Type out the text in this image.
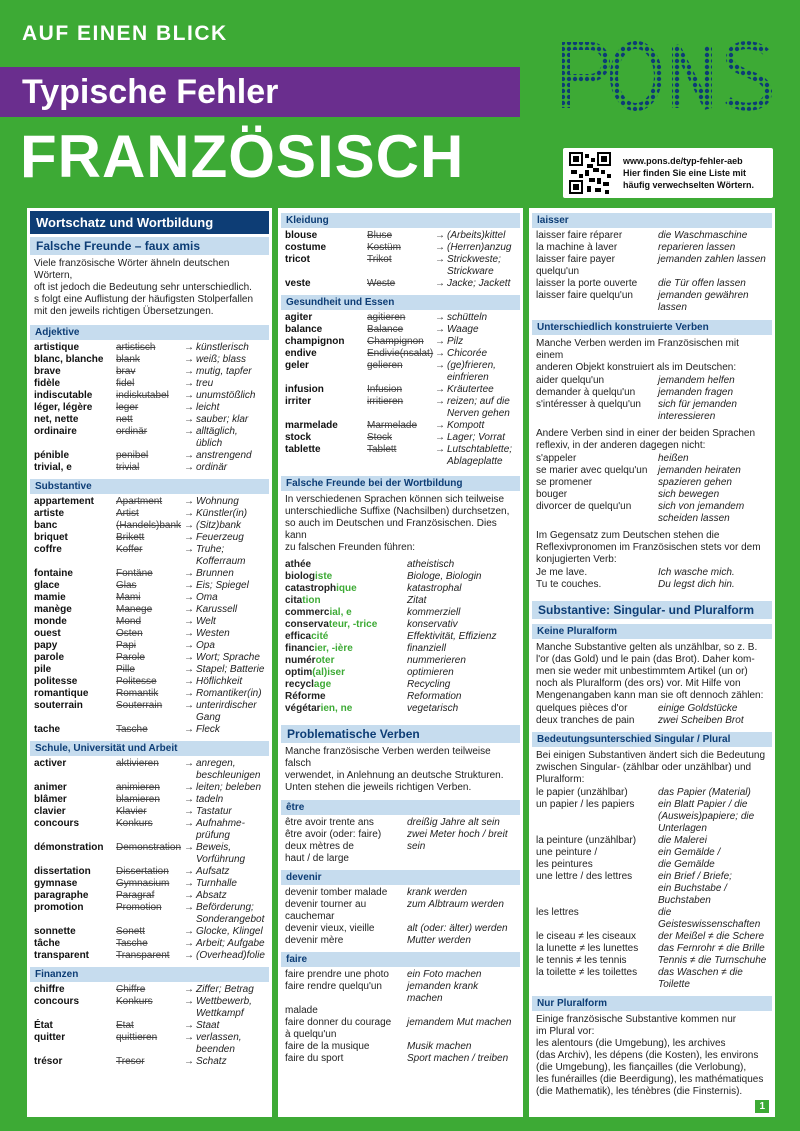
AUF EINEN BLICK
Typische Fehler
FRANZÖSISCH	www.pons.de/typ-fehler-aeb
Hier finden Sie eine Liste mit
häufig verwechselten Wörtern.
Wortschatz und Wortbildung
Falsche Freunde – faux amis
Viele französische Wörter ähneln deutschen Wörtern,
oft ist jedoch die Bedeutung sehr unterschiedlich.
s folgt eine Auflistung der häufigsten Stolperfallen
mit den jeweils richtigen Übersetzungen.
Adjektive
artistique	artistisch	→ künstlerisch
blanc, blanche	blank	→ weiß; blass
brave	brav	→ mutig, tapfer
fidèle	fidel	→ treu
indiscutable	indiskutabel	→ unumstößlich
léger, légère	leger	→ leicht
net, nette	nett	→ sauber; klar
ordinaire	ordinär	→ alltäglich, üblich
pénible	penibel	→ anstrengend
trivial, e	trivial	→ ordinär
Substantive
appartement	Apartment	→ Wohnung
artiste	Artist	→ Künstler(in)
banc	(Handels)bank → (Sitz)bank
briquet	Brikett	→ Feuerzeug
coffre	Koffer	→ Truhe;
Kofferraum
fontaine	Fontäne	→ Brunnen
glace	Glas	→ Eis; Spiegel
mamie	Mami	→ Oma
manège	Manege	→ Karussell
monde	Mond	→ Welt
ouest	Osten	→ Westen
papy	Papi	→ Opa
parole	Parole	→ Wort; Sprache
pile	Pille	→ Stapel; Batterie
politesse	Politesse	→ Höflichkeit
romantique	Romantik	→ Romantiker(in)
souterrain	Souterrain	→ unterirdischer
Gang
tache	Tasche	→ Fleck
Schule, Universität und Arbeit
activer	aktivieren	→ anregen,
beschleunigen
animer	animieren	→ leiten; beleben
blâmer	blamieren	→ tadeln
clavier	Klavier	→ Tastatur
concours	Konkurs	→ Aufnahme-
prüfung
démonstration	Demonstration → Beweis,
Vorführung
dissertation	Dissertation	→ Aufsatz
gymnase	Gymnasium	→ Turnhalle
paragraphe	Paragraf	→ Absatz
promotion	Promotion	→ Beförderung;
Sonderangebot
sonnette	Sonett	→ Glocke, Klingel
tâche	Tasche	→ Arbeit; Aufgabe
transparent	Transparent	→ (Overhead)folie
Finanzen
chiffre	Chiffre	→ Ziffer; Betrag
concours	Konkurs	→ Wettbewerb,
Wettkampf
État	Etat	→ Staat
quitter	quittieren	→ verlassen,
beenden
trésor	Tresor	→ Schatz
Kleidung
blouse	Bluse	→ (Arbeits)kittel
costume	Kostüm	→ (Herren)anzug
tricot	Trikot	→ Strickweste;
Strickware
veste	Weste	→ Jacke; Jackett
Gesundheit und Essen
agiter	agitieren	→ schütteln
balance	Balance	→ Waage
champignon	Champignon	→ Pilz
endive	Endivie(nsalat) → Chicorée
geler	gelieren	→ (ge)frieren,
einfrieren
infusion	Infusion	→ Kräutertee
irriter	irritieren	→ reizen; auf die
Nerven gehen
marmelade	Marmelade	→ Kompott
stock	Stock	→ Lager; Vorrat
tablette	Tablett	→ Lutschtablette;
Ablageplatte
Falsche Freunde bei der Wortbildung
In verschiedenen Sprachen können sich teilweise
unterschiedliche Suffixe (Nachsilben) durchsetzen,
so auch im Deutschen und Französischen. Dies kann
zu falschen Freunden führen:
athée	atheistisch
biologiste	Biologe, Biologin
catastrophique	katastrophal
citation	Zitat
commercial, e	kommerziell
conservateur, -trice	konservativ
efficacité	Effektivität, Effizienz
financier, -ière	finanziell
numéroter	nummerieren
optim(al)iser	optimieren
recyclage	Recycling
Réforme	Reformation
végétarien, ne	vegetarisch
Problematische Verben
Manche französische Verben werden teilweise falsch
verwendet, in Anlehnung an deutsche Strukturen.
Unten stehen die jeweils richtigen Verben.
être
être avoir trente ans	dreißig Jahre alt sein
être avoir (oder: faire)	zwei Meter hoch / breit
deux mètres de	sein
haut / de large
devenir
devenir tomber malade	krank werden
devenir tourner au	zum Albtraum werden
cauchemar
devenir vieux, vieille	alt (oder: älter) werden
devenir mère	Mutter werden
faire
faire prendre une photo	ein Foto machen
faire rendre quelqu'un	jemanden krank machen
malade
faire donner du courage	jemandem Mut machen
à quelqu'un
faire de la musique	Musik machen
faire du sport	Sport machen / treiben
laisser
laisser faire réparer	die Waschmaschine
la machine à laver	reparieren lassen
laisser faire payer	jemanden zahlen lassen
quelqu'un
laisser la porte ouverte	die Tür offen lassen
laisser faire quelqu'un	jemanden gewähren
lassen
Unterschiedlich konstruierte Verben
Manche Verben werden im Französischen mit einem
anderen Objekt konstruiert als im Deutschen:
aider quelqu'un	jemandem helfen
demander à quelqu'un	jemanden fragen
s'intéresser à quelqu'un	sich für jemanden
interessieren
Andere Verben sind in einer der beiden Sprachen
reflexiv, in der anderen dagegen nicht:
s'appeler	heißen
se marier avec quelqu'un	jemanden heiraten
se promener	spazieren gehen
bouger	sich bewegen
divorcer de quelqu'un	sich von jemandem
scheiden lassen
Im Gegensatz zum Deutschen stehen die
Reflexivpronomen im Französischen stets vor dem
konjugierten Verb:
Je me lave.	Ich wasche mich.
Tu te couches.	Du legst dich hin.
Substantive: Singular- und Pluralform
Keine Pluralform
Manche Substantive gelten als unzählbar, so z. B.
l'or (das Gold) und le pain (das Brot). Daher kom-
men sie weder mit unbestimmtem Artikel (un or)
noch als Pluralform (des ors) vor. Mit Hilfe von
Mengenangaben kann man sie oft dennoch zählen:
quelques pièces d'or	einige Goldstücke
deux tranches de pain	zwei Scheiben Brot
Bedeutungsunterschied Singular / Plural
Bei einigen Substantiven ändert sich die Bedeutung
zwischen Singular- (zählbar oder unzählbar) und
Pluralform:
le papier (unzählbar)	das Papier (Material)
un papier / les papiers	ein Blatt Papier / die
(Ausweis)papiere; die
Unterlagen
la peinture (unzählbar)	die Malerei
une peinture /	ein Gemälde /
les peintures	die Gemälde
une lettre / des lettres	ein Brief / Briefe;
ein Buchstabe /
Buchstaben
les lettres	die Geisteswissenschaften
le ciseau ≠ les ciseaux	der Meißel ≠ die Schere
la lunette ≠ les lunettes	das Fernrohr ≠ die Brille
le tennis ≠ les tennis	Tennis ≠ die Turnschuhe
la toilette ≠ les toilettes	das Waschen ≠ die Toilette
Nur Pluralform
Einige französische Substantive kommen nur
im Plural vor:
les alentours (die Umgebung), les archives
(das Archiv), les dépens (die Kosten), les environs
(die Umgebung), les fiançailles (die Verlobung),
les funérailles (die Beerdigung), les mathématiques
(die Mathematik), les ténèbres (die Finsternis).
1
